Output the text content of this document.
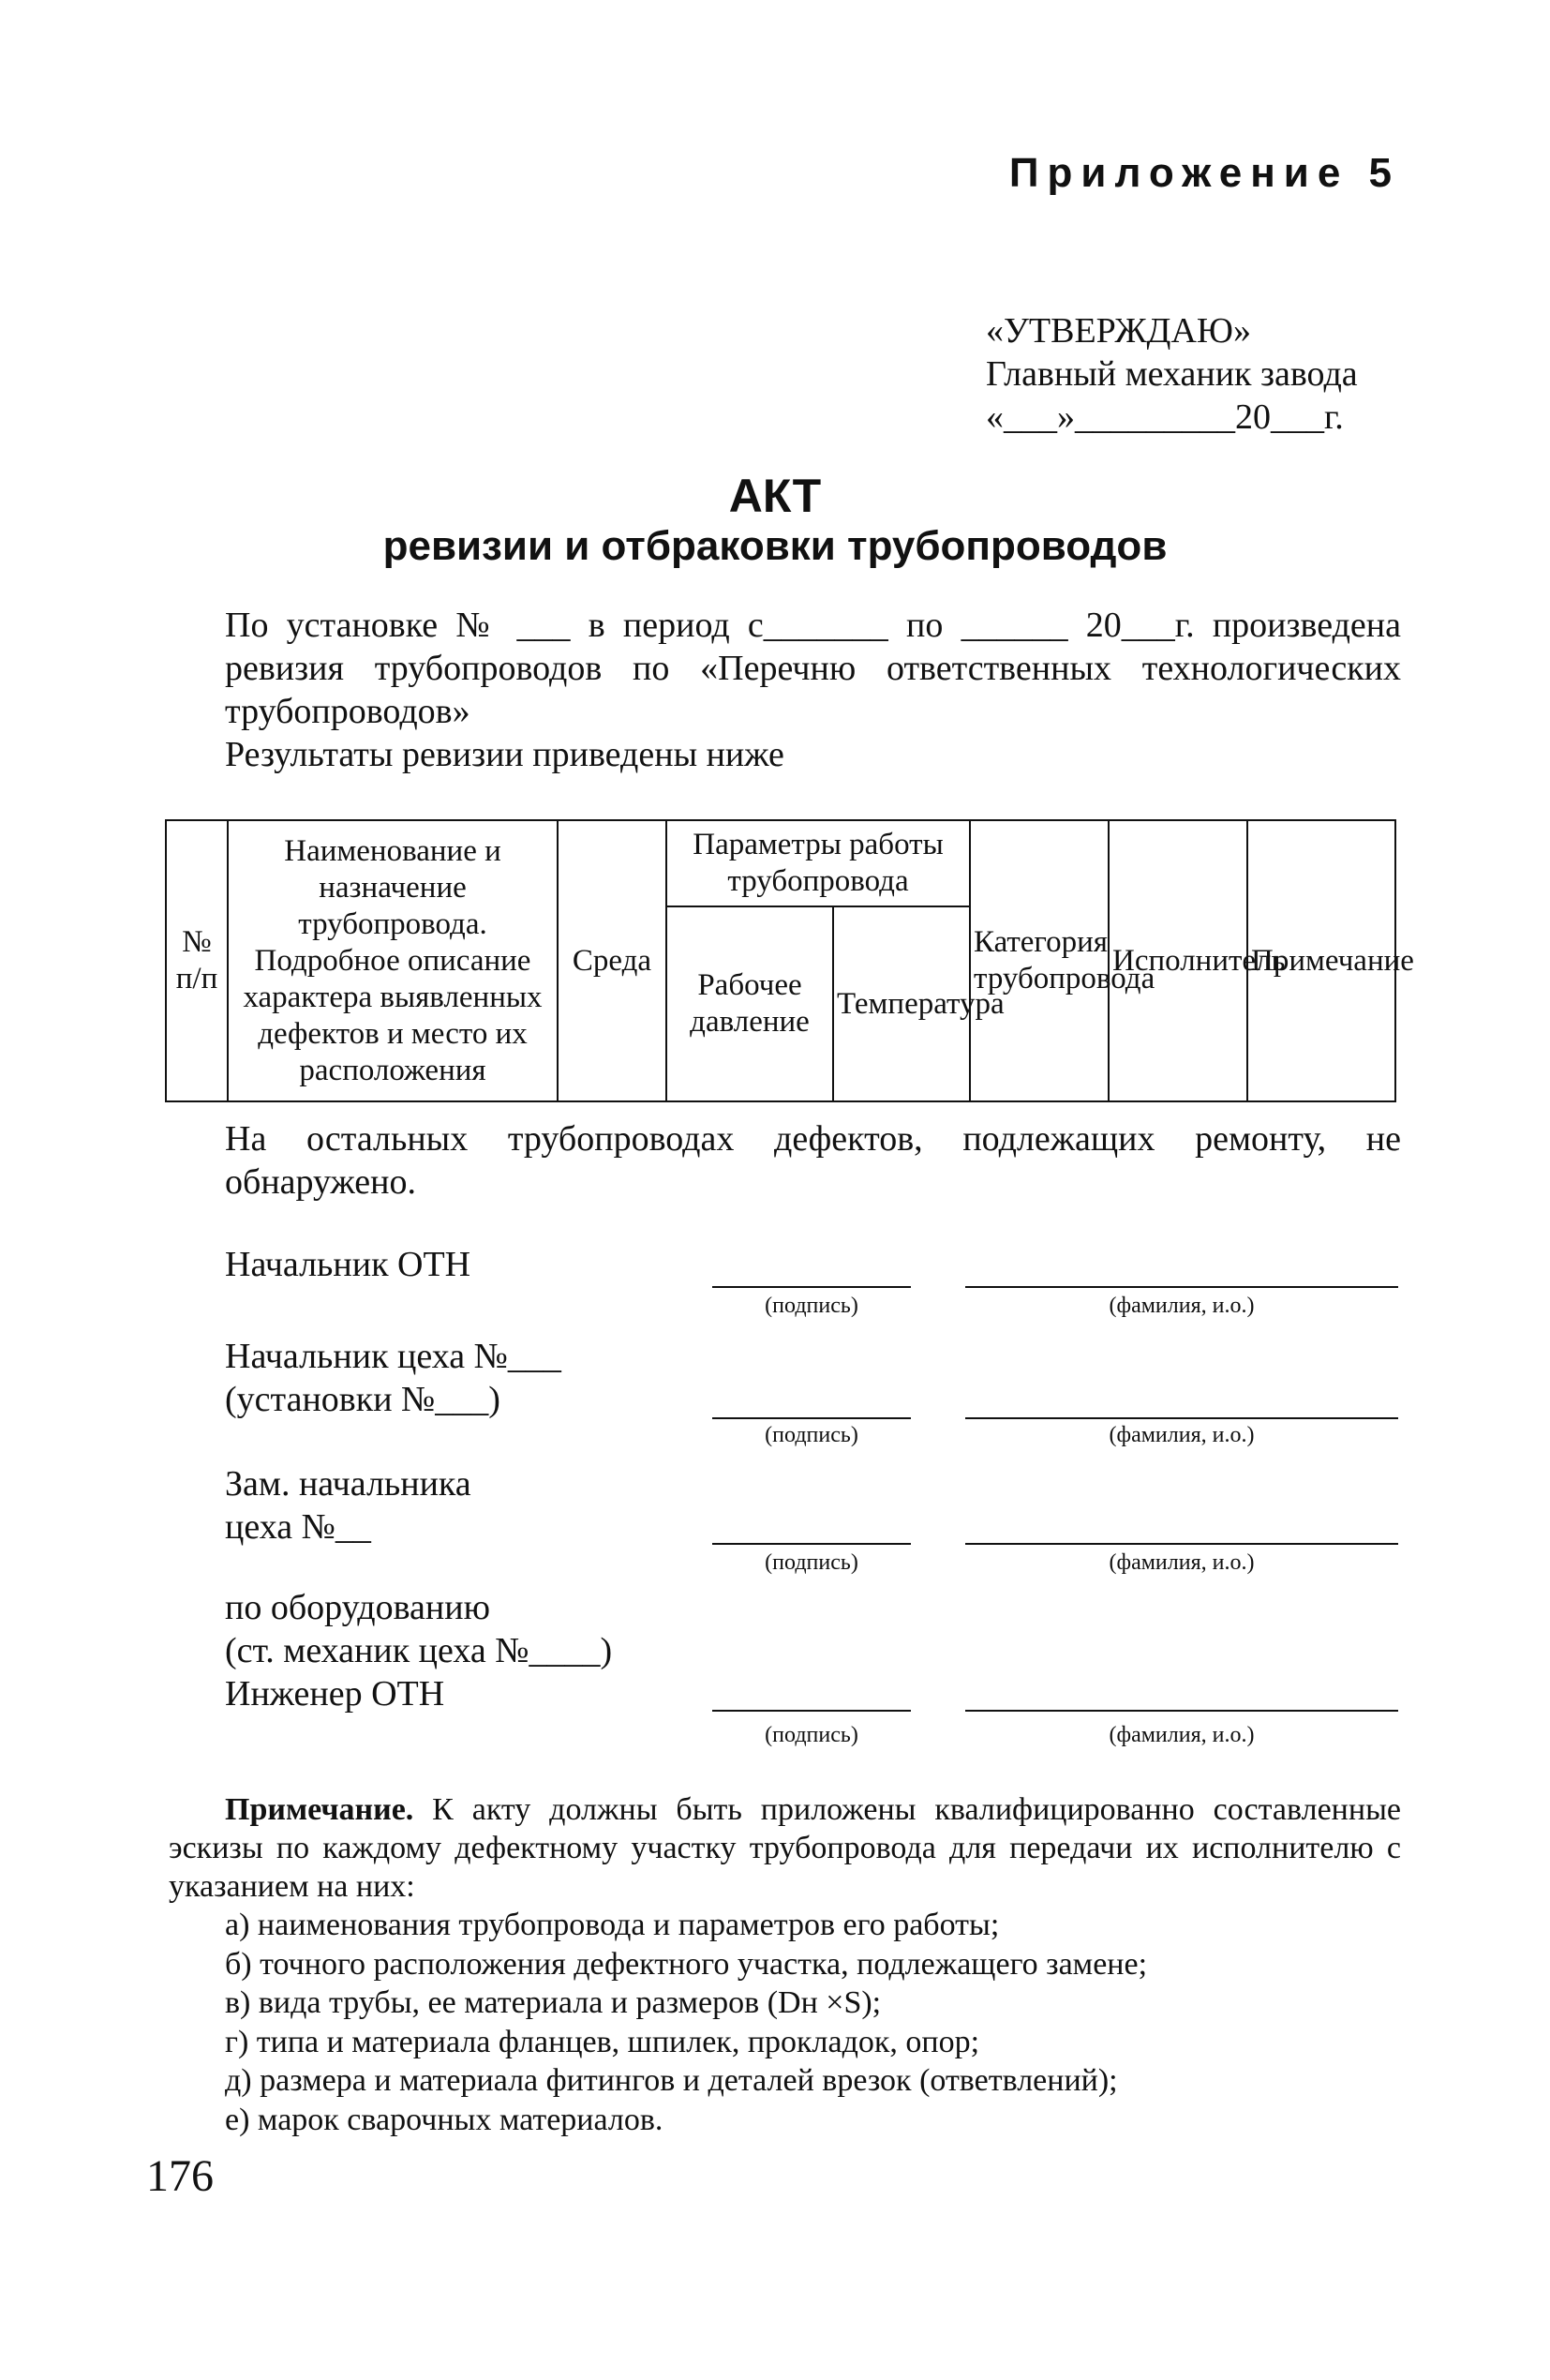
Приложение 5
«УТВЕРЖДАЮ»
Главный механик завода
«___»_________20___г.
АКТ
ревизии и отбраковки трубопроводов
По установке № ___ в период с_______ по ______ 20___г. произведена ревизия трубопроводов по «Перечню ответственных технологических трубопроводов»
Результаты ревизии приведены ниже
№ п/п	Наименование и назначение трубопровода. Подробное описание характера выявленных дефектов и место их расположения	Среда	Параметры работы трубопровода		Категория трубопровода	Исполнитель	Примечание
			Рабочее давление	Температура			
На остальных трубопроводах дефектов, подлежащих ремонту, не обнаружено.
Начальник ОТН
(подпись)	(фамилия, и.о.)
Начальник цеха №___
(установки №___)
(подпись)	(фамилия, и.о.)
Зам. начальника
цеха №__
(подпись)	(фамилия, и.о.)
по оборудованию
(ст. механик цеха №____)
Инженер ОТН
(подпись)	(фамилия, и.о.)
Примечание. К акту должны быть приложены квалифицированно составленные эскизы по каждому дефектному участку трубопровода для передачи их исполнителю с указанием на них:
а) наименования трубопровода и параметров его работы;
б) точного расположения дефектного участка, подлежащего замене;
в) вида трубы, ее материала и размеров (Dн ×S);
г) типа и материала фланцев, шпилек, прокладок, опор;
д) размера и материала фитингов и деталей врезок (ответвлений);
е) марок сварочных материалов.
176
